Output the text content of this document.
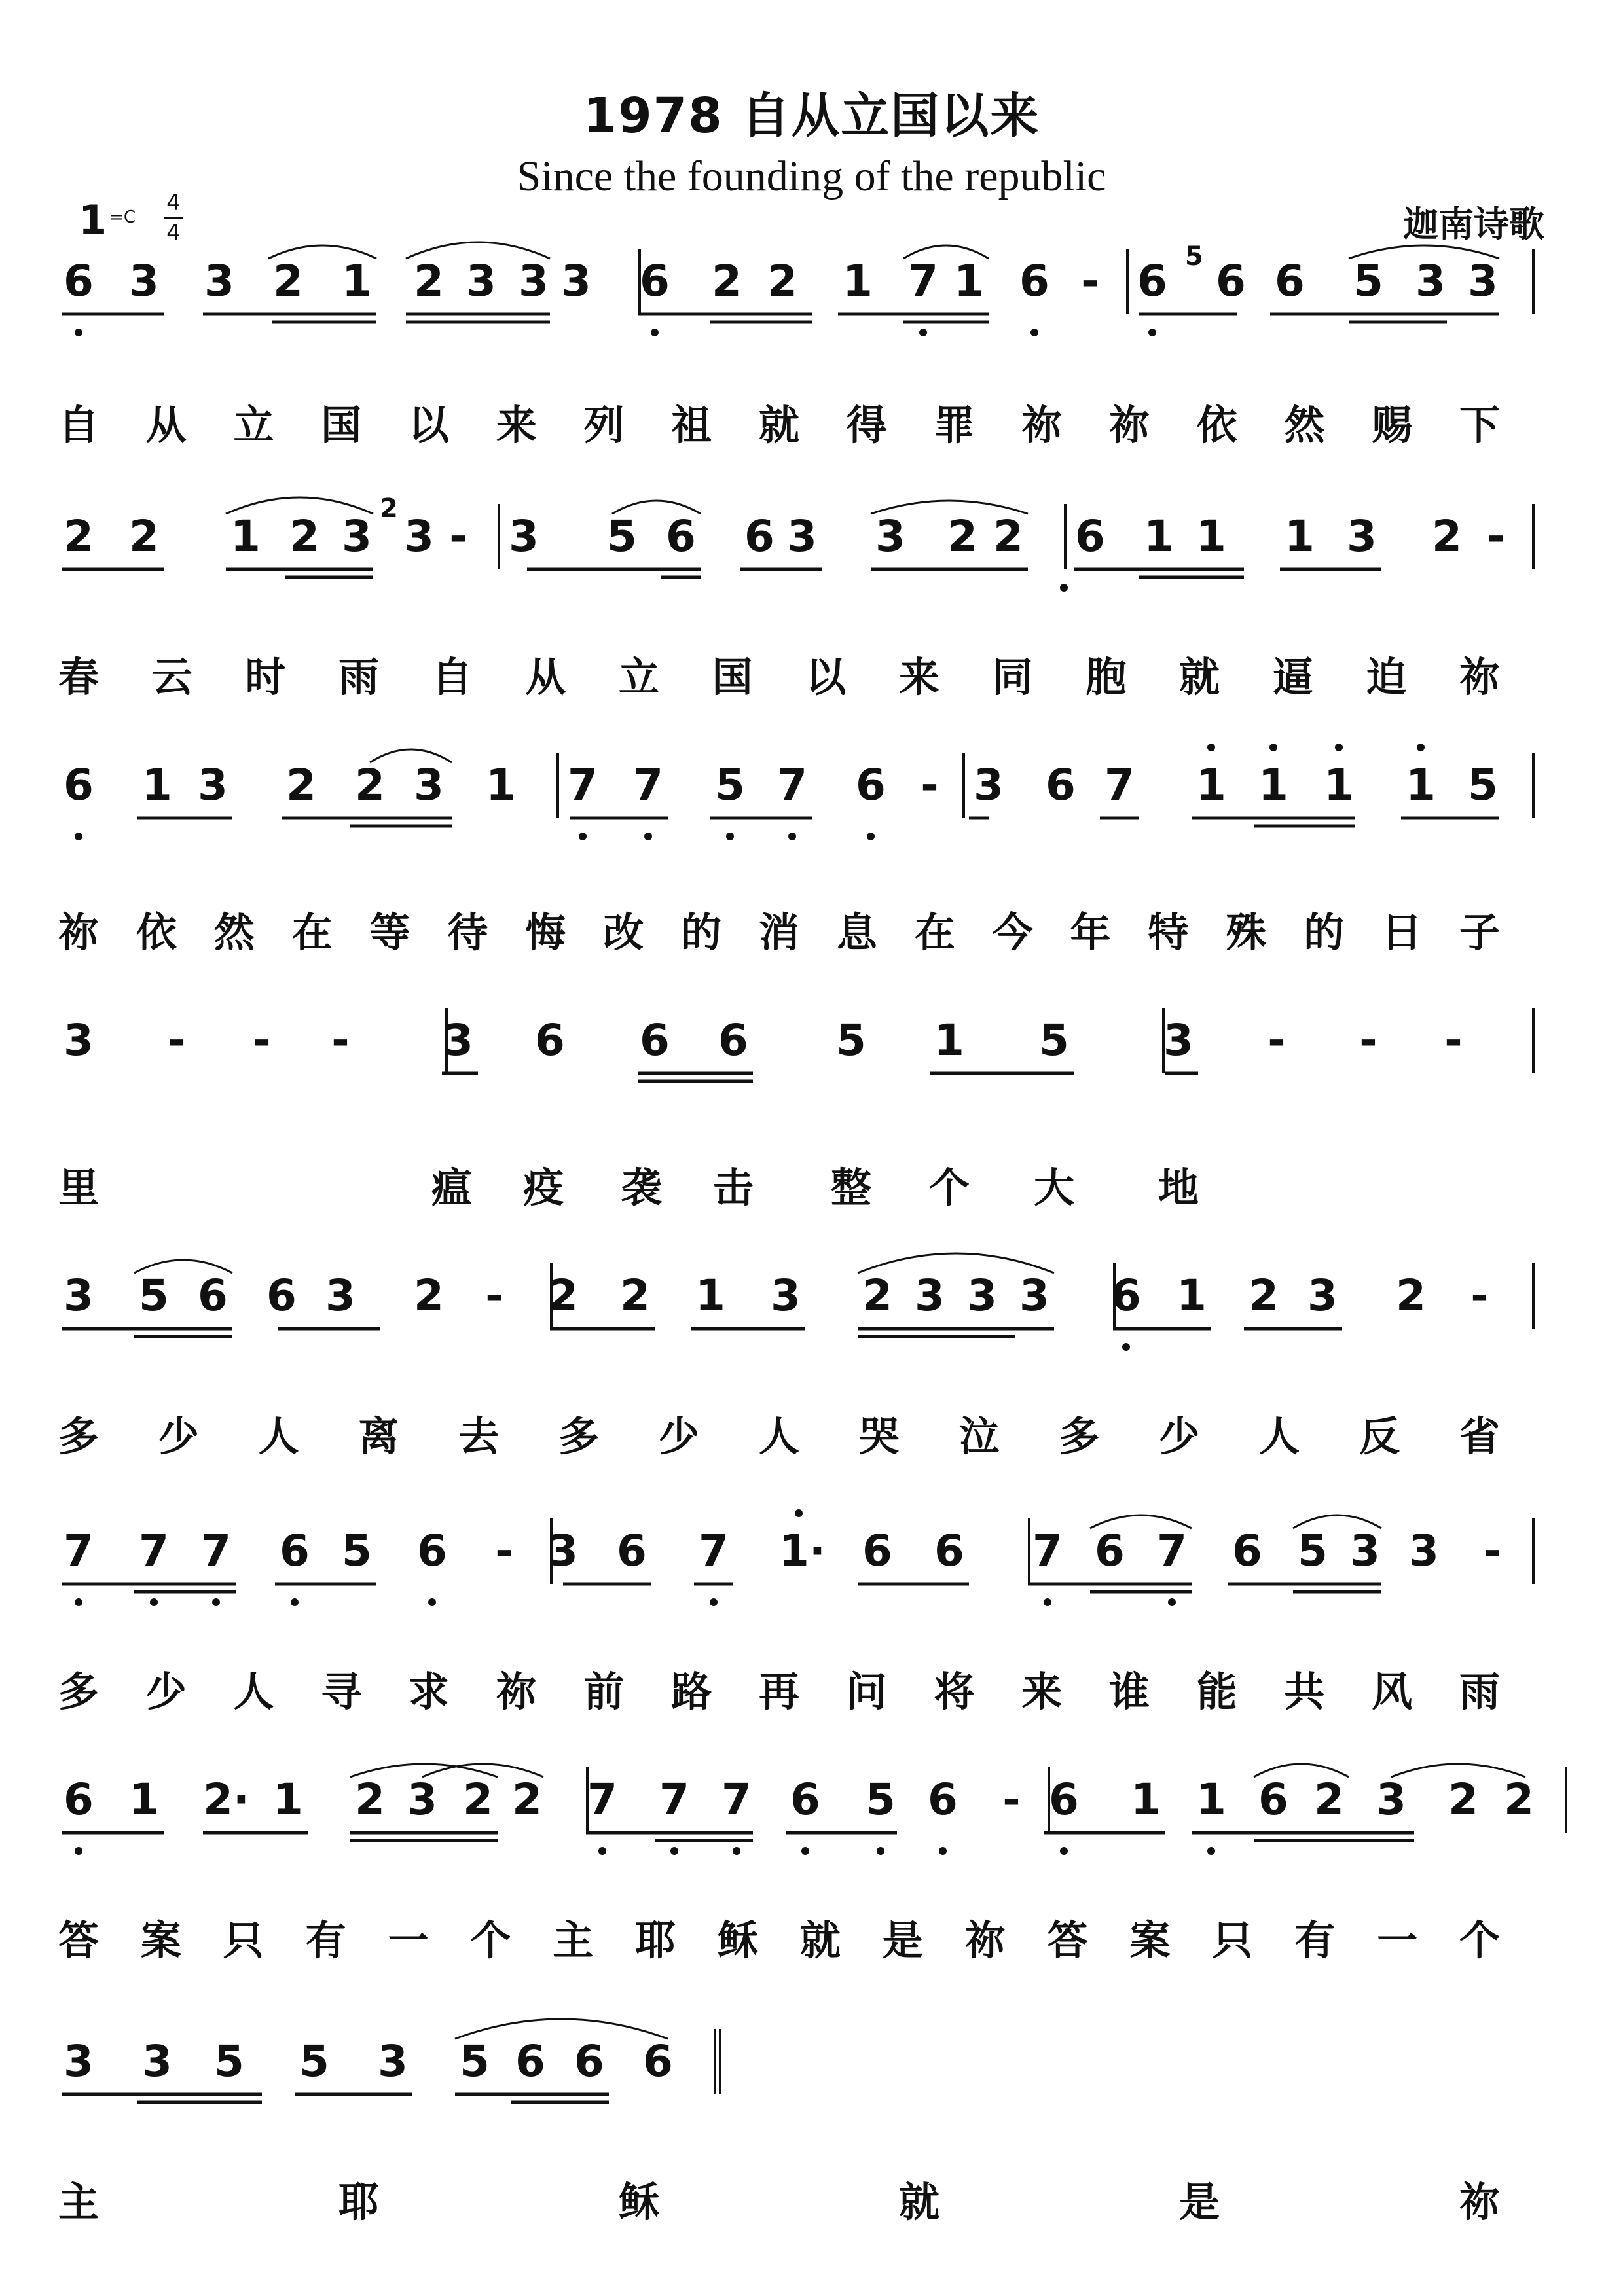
1978 自从立国以来
Since the founding of the republic
迦南诗歌
1 =C
4
4
6 3 3 2 1 2 3 3 3 6 2 2 1 7 1 6 - 6 6 6 5 3 3
自 从 立 国 以 来 列 祖 就 得 罪 祢 祢 依 然 赐 下
2 2 1 2 3 3 - 3 5 6 6 3 3 2 2 6 1 1 1 3 2 -
春 云 时 雨 自 从 立 国 以 来 同 胞 就 逼 迫 祢
6 1 3 2 2 3 1 7 7 5 7 6 - 3 6 7 1 1 1 1 5
祢 依 然 在 等 待 悔 改 的 消 息 在 今 年 特 殊 的 日 子
3 - - - 3 6 6 6 5 1 5 3 - - -
里	瘟 疫 袭 击 整 个 大 地
3 5 6 6 3 2 - 2 2 1 3 2 3 3 3 6 1 2 3 2 -
多 少 人 离 去 多 少 人 哭 泣 多 少 人 反 省
7 7 7 6 5 6 - 3 6 7 1· 6 6 7 6 7 6 5 3 3 -
多 少 人 寻 求 祢 前 路 再 问 将 来 谁 能 共 风 雨
6 1 2· 1 2 3 2 2 7 7 7 6 5 6 - 6 1 1 6 2 3 2 2
答 案 只 有 一 个 主 耶 稣 就 是 祢 答 案 只 有 一 个
3 3 5 5 3 5 6 6 6
主	耶	稣	就	是	祢
5
2
